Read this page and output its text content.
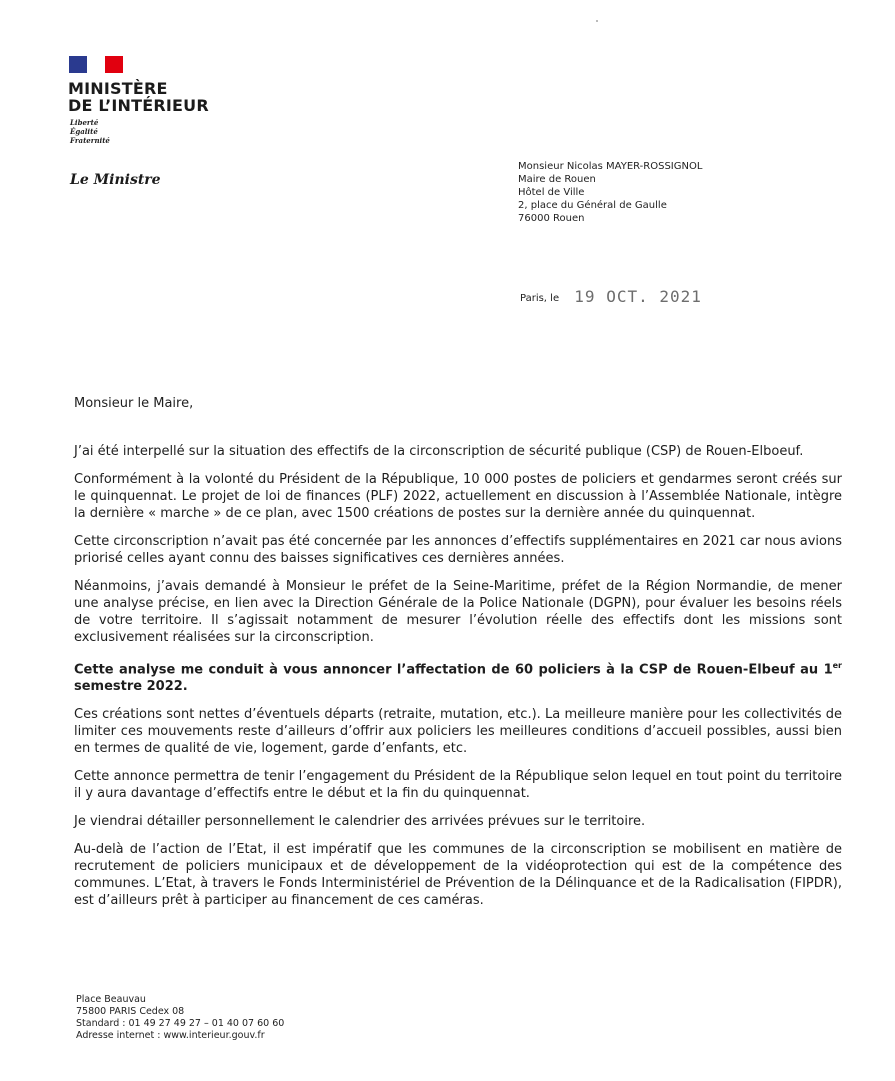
MINISTÈRE
DE L’INTÉRIEUR
Liberté
Égalité
Fraternité
Le Ministre
Monsieur Nicolas MAYER-ROSSIGNOL
Maire de Rouen
Hôtel de Ville
2, place du Général de Gaulle
76000 Rouen
Paris, le 19 OCT. 2021

Monsieur le Maire,

J’ai été interpellé sur la situation des effectifs de la circonscription de sécurité publique (CSP) de Rouen-Elboeuf.

Conformément à la volonté du Président de la République, 10 000 postes de policiers et gendarmes seront créés sur le quinquennat. Le projet de loi de finances (PLF) 2022, actuellement en discussion à l’Assemblée Nationale, intègre la dernière « marche » de ce plan, avec 1500 créations de postes sur la dernière année du quinquennat.

Cette circonscription n’avait pas été concernée par les annonces d’effectifs supplémentaires en 2021 car nous avions priorisé celles ayant connu des baisses significatives ces dernières années.

Néanmoins, j’avais demandé à Monsieur le préfet de la Seine-Maritime, préfet de la Région Normandie, de mener une analyse précise, en lien avec la Direction Générale de la Police Nationale (DGPN), pour évaluer les besoins réels de votre territoire. Il s’agissait notamment de mesurer l’évolution réelle des effectifs dont les missions sont exclusivement réalisées sur la circonscription.

Cette analyse me conduit à vous annoncer l’affectation de 60 policiers à la CSP de Rouen-Elbeuf au 1er semestre 2022.

Ces créations sont nettes d’éventuels départs (retraite, mutation, etc.). La meilleure manière pour les collectivités de limiter ces mouvements reste d’ailleurs d’offrir aux policiers les meilleures conditions d’accueil possibles, aussi bien en termes de qualité de vie, logement, garde d’enfants, etc.

Cette annonce permettra de tenir l’engagement du Président de la République selon lequel en tout point du territoire il y aura davantage d’effectifs entre le début et la fin du quinquennat.

Je viendrai détailler personnellement le calendrier des arrivées prévues sur le territoire.

Au-delà de l’action de l’Etat, il est impératif que les communes de la circonscription se mobilisent en matière de recrutement de policiers municipaux et de développement de la vidéoprotection qui est de la compétence des communes. L’Etat, à travers le Fonds Interministériel de Prévention de la Délinquance et de la Radicalisation (FIPDR), est d’ailleurs prêt à participer au financement de ces caméras.

Place Beauvau
75800 PARIS Cedex 08
Standard : 01 49 27 49 27 – 01 40 07 60 60
Adresse internet : www.interieur.gouv.fr
